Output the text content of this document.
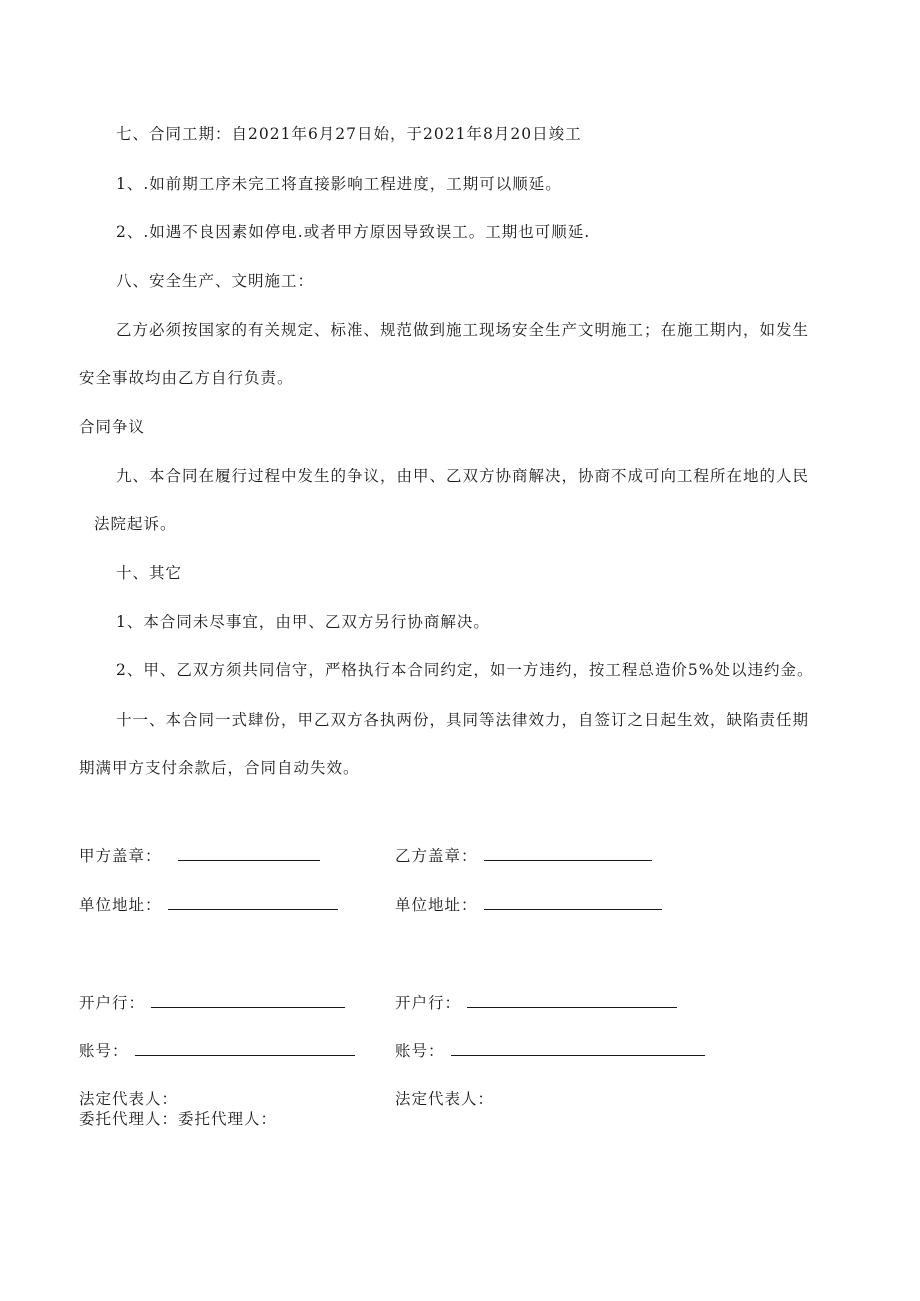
七、合同工期：自2021年6月27日始，于2021年8月20日竣工

1、.如前期工序未完工将直接影响工程进度，工期可以顺延。

2、.如遇不良因素如停电.或者甲方原因导致误工。工期也可顺延.

八、安全生产、文明施工：

乙方必须按国家的有关规定、标准、规范做到施工现场安全生产文明施工；在施工期内，如发生

安全事故均由乙方自行负责。

合同争议

九、本合同在履行过程中发生的争议，由甲、乙双方协商解决，协商不成可向工程所在地的人民

法院起诉。

十、其它

1、本合同未尽事宜，由甲、乙双方另行协商解决。

2、甲、乙双方须共同信守，严格执行本合同约定，如一方违约，按工程总造价5%处以违约金。

十一、本合同一式肆份，甲乙双方各执两份，具同等法律效力，自签订之日起生效，缺陷责任期

期满甲方支付余款后，合同自动失效。

甲方盖章：	乙方盖章：

单位地址：	单位地址：

开户行：	开户行：

账号：	账号：

法定代表人：	法定代表人：

委托代理人：委托代理人：
